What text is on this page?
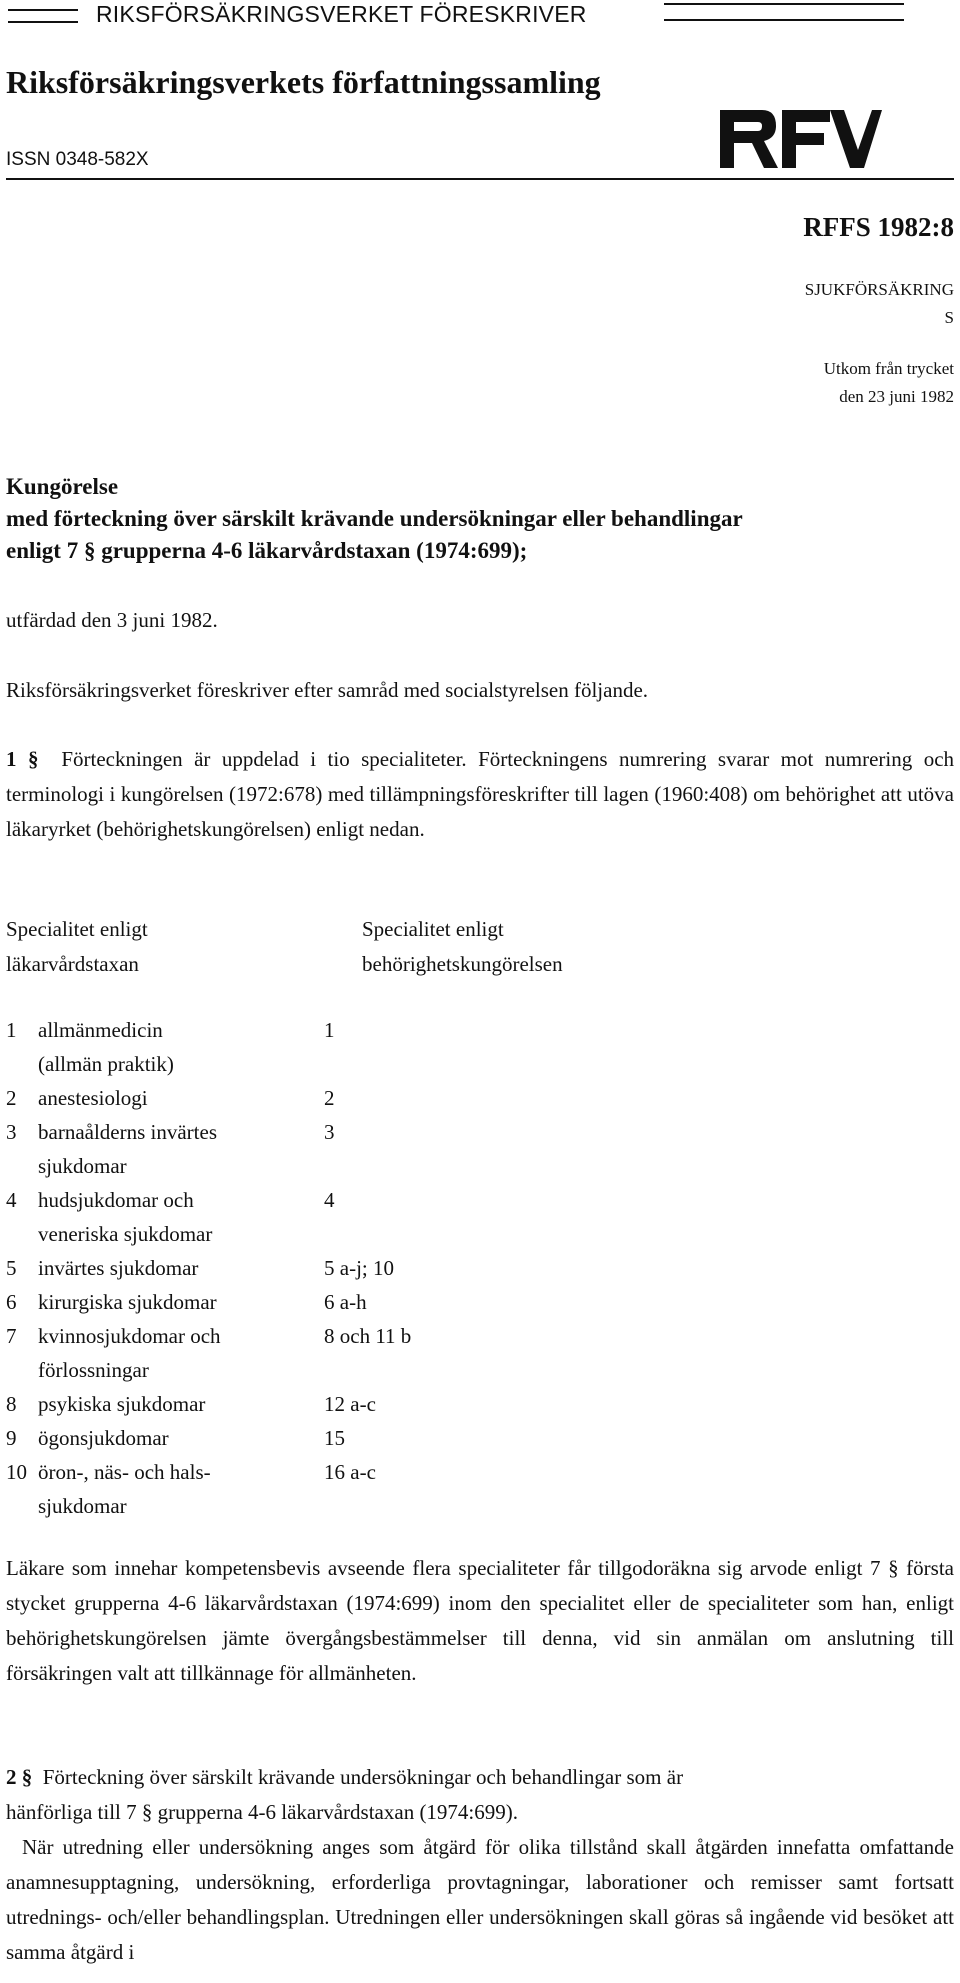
RIKSFÖRSÄKRINGSVERKET FÖRESKRIVER
Riksförsäkringsverkets författningssamling
ISSN 0348-582X
RFFS 1982:8
SJUKFÖRSÄKRING
S
Utkom från trycket
den 23 juni 1982
Kungörelse
med förteckning över särskilt krävande undersökningar eller behandlingar
enligt 7 § grupperna 4-6 läkarvårdstaxan (1974:699);
utfärdad den 3 juni 1982.
Riksförsäkringsverket föreskriver efter samråd med socialstyrelsen följande.

1 § Förteckningen är uppdelad i tio specialiteter. Förteckningens numrering svarar mot numrering och terminologi i kungörelsen (1972:678) med tillämpningsföreskrifter till lagen (1960:408) om behörighet att utöva läkaryrket (behörighetskungörelsen) enligt nedan.

Specialitet enligt
läkarvårdstaxan
Specialitet enligt
behörighetskungörelsen
1	allmänmedicin	1
(allmän praktik)
2	anestesiologi	2
3	barnaålderns invärtes	3
sjukdomar
4	hudsjukdomar och	4
veneriska sjukdomar
5	invärtes sjukdomar	5 a-j; 10
6	kirurgiska sjukdomar	6 a-h
7	kvinnosjukdomar och	8 och 11 b
förlossningar
8	psykiska sjukdomar	12 a-c
9	ögonsjukdomar	15
10 öron-, näs- och hals-	16 a-c
sjukdomar
Läkare som innehar kompetensbevis avseende flera specialiteter får tillgodoräkna sig arvode enligt 7 § första stycket grupperna 4-6 läkarvårdstaxan (1974:699) inom den specialitet eller de specialiteter som han, enligt behörighetskungörelsen jämte övergångsbestämmelser till denna, vid sin anmälan om anslutning till försäkringen valt att tillkännage för allmänheten.

2 § Förteckning över särskilt krävande undersökningar och behandlingar som är

hänförliga till 7 § grupperna 4-6 läkarvårdstaxan (1974:699).
När utredning eller undersökning anges som åtgärd för olika tillstånd skall åtgärden innefatta omfattande anamnesupptagning, undersökning, erforderliga provtagningar, laborationer och remisser samt fortsatt utrednings- och/eller behandlingsplan. Utredningen eller undersökningen skall göras så ingående vid besöket att samma åtgärd i
